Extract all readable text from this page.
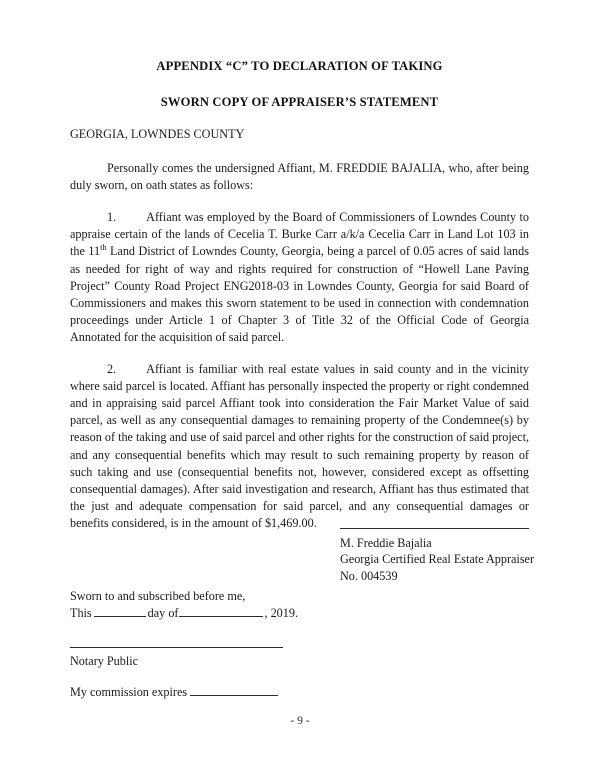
APPENDIX “C” TO DECLARATION OF TAKING
SWORN COPY OF APPRAISER’S STATEMENT
GEORGIA, LOWNDES COUNTY

Personally comes the undersigned Affiant, M. FREDDIE BAJALIA, who, after being duly sworn, on oath states as follows:

1. Affiant was employed by the Board of Commissioners of Lowndes County to appraise certain of the lands of Cecelia T. Burke Carr a/k/a Cecelia Carr in Land Lot 103 in the 11th Land District of Lowndes County, Georgia, being a parcel of 0.05 acres of said lands as needed for right of way and rights required for construction of “Howell Lane Paving Project” County Road Project ENG2018-03 in Lowndes County, Georgia for said Board of Commissioners and makes this sworn statement to be used in connection with condemnation proceedings under Article 1 of Chapter 3 of Title 32 of the Official Code of Georgia Annotated for the acquisition of said parcel.

2. Affiant is familiar with real estate values in said county and in the vicinity where said parcel is located. Affiant has personally inspected the property or right condemned and in appraising said parcel Affiant took into consideration the Fair Market Value of said parcel, as well as any consequential damages to remaining property of the Condemnee(s) by reason of the taking and use of said parcel and other rights for the construction of said project, and any consequential benefits which may result to such remaining property by reason of such taking and use (consequential benefits not, however, considered except as offsetting consequential damages). After said investigation and research, Affiant has thus estimated that the just and adequate compensation for said parcel, and any consequential damages or benefits considered, is in the amount of $1,469.00.

M. Freddie Bajalia
Georgia Certified Real Estate Appraiser
No. 004539
Sworn to and subscribed before me,
This	day of	, 2019.
Notary Public
My commission expires
- 9 -
